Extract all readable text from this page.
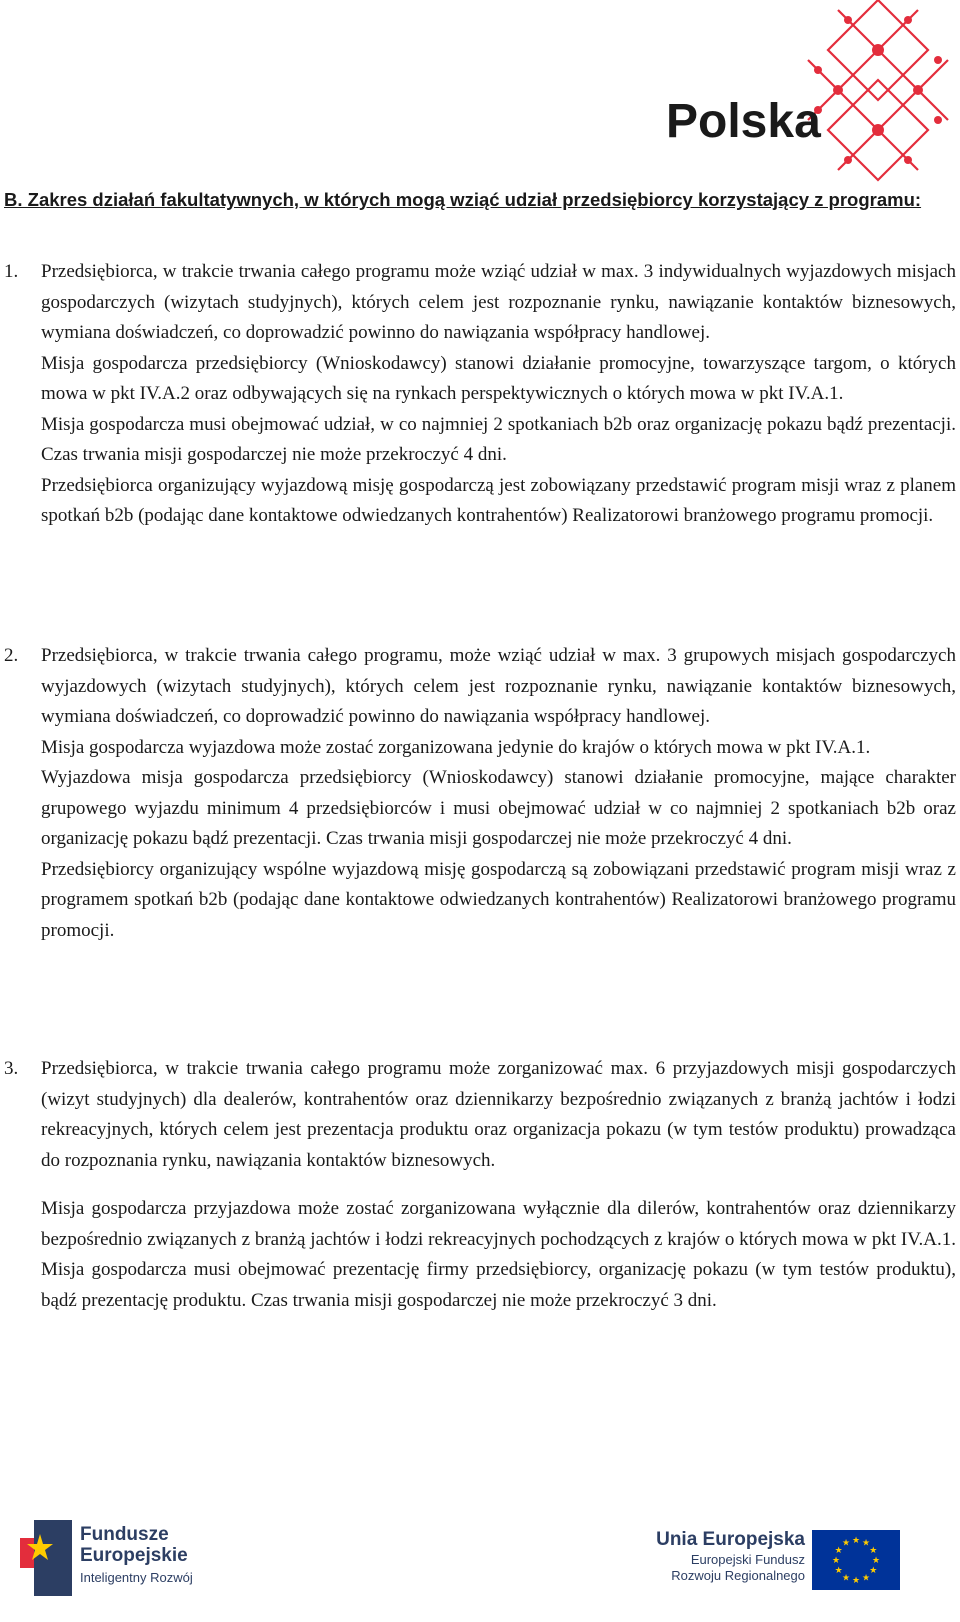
Polska
B. Zakres działań fakultatywnych, w których mogą wziąć udział przedsiębiorcy korzystający z programu:
1. Przedsiębiorca, w trakcie trwania całego programu może wziąć udział w max. 3 indywidualnych wyjazdowych misjach gospodarczych (wizytach studyjnych), których celem jest rozpoznanie rynku, nawiązanie kontaktów biznesowych, wymiana doświadczeń, co doprowadzić powinno do nawiązania współpracy handlowej.

Misja gospodarcza przedsiębiorcy (Wnioskodawcy) stanowi działanie promocyjne, towarzyszące targom, o których mowa w pkt IV.A.2 oraz odbywających się na rynkach perspektywicznych o których mowa w pkt IV.A.1.

Misja gospodarcza musi obejmować udział, w co najmniej 2 spotkaniach b2b oraz organizację pokazu bądź prezentacji. Czas trwania misji gospodarczej nie może przekroczyć 4 dni.

Przedsiębiorca organizujący wyjazdową misję gospodarczą jest zobowiązany przedstawić program misji wraz z planem spotkań b2b (podając dane kontaktowe odwiedzanych kontrahentów) Realizatorowi branżowego programu promocji.

2. Przedsiębiorca, w trakcie trwania całego programu, może wziąć udział w max. 3 grupowych misjach gospodarczych wyjazdowych (wizytach studyjnych), których celem jest rozpoznanie rynku, nawiązanie kontaktów biznesowych, wymiana doświadczeń, co doprowadzić powinno do nawiązania współpracy handlowej.

Misja gospodarcza wyjazdowa może zostać zorganizowana jedynie do krajów o których mowa w pkt IV.A.1.

Wyjazdowa misja gospodarcza przedsiębiorcy (Wnioskodawcy) stanowi działanie promocyjne, mające charakter grupowego wyjazdu minimum 4 przedsiębiorców i musi obejmować udział w co najmniej 2 spotkaniach b2b oraz organizację pokazu bądź prezentacji. Czas trwania misji gospodarczej nie może przekroczyć 4 dni.

Przedsiębiorcy organizujący wspólne wyjazdową misję gospodarczą są zobowiązani przedstawić program misji wraz z programem spotkań b2b (podając dane kontaktowe odwiedzanych kontrahentów) Realizatorowi branżowego programu promocji.

3. Przedsiębiorca, w trakcie trwania całego programu może zorganizować max. 6 przyjazdowych misji gospodarczych (wizyt studyjnych) dla dealerów, kontrahentów oraz dziennikarzy bezpośrednio związanych z branżą jachtów i łodzi rekreacyjnych, których celem jest prezentacja produktu oraz organizacja pokazu (w tym testów produktu) prowadząca do rozpoznania rynku, nawiązania kontaktów biznesowych.

Misja gospodarcza przyjazdowa może zostać zorganizowana wyłącznie dla dilerów, kontrahentów oraz dziennikarzy bezpośrednio związanych z branżą jachtów i łodzi rekreacyjnych pochodzących z krajów o których mowa w pkt IV.A.1. Misja gospodarcza musi obejmować prezentację firmy przedsiębiorcy, organizację pokazu (w tym testów produktu), bądź prezentację produktu. Czas trwania misji gospodarczej nie może przekroczyć 3 dni.

Fundusze
Europejskie
Inteligentny Rozwój
Unia Europejska
Europejski Fundusz
Rozwoju Regionalnego
★
★
★
★
★
★
★
★
★ ★ ★
★
